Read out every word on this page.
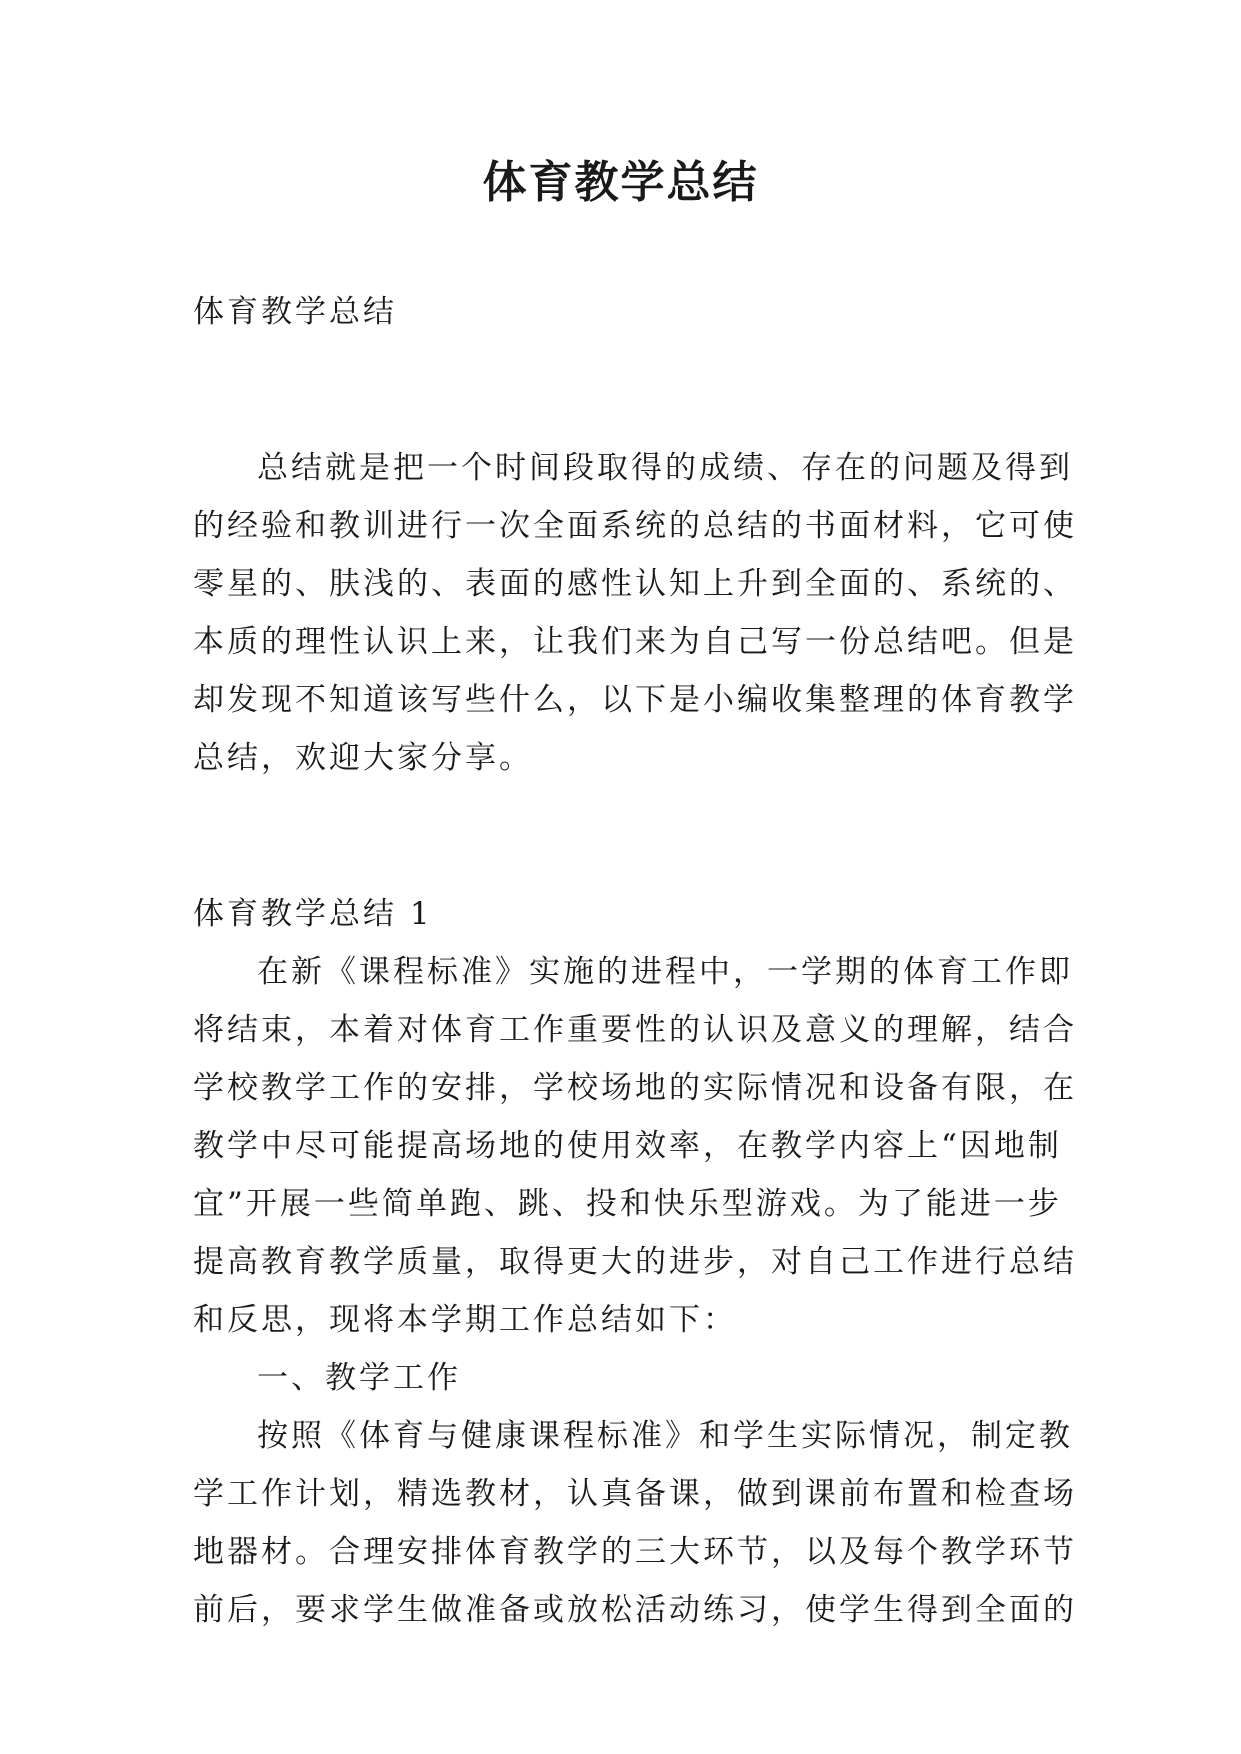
体育教学总结

体育教学总结

总结就是把一个时间段取得的成绩、存在的问题及得到

的经验和教训进行一次全面系统的总结的书面材料，它可使

零星的、肤浅的、表面的感性认知上升到全面的、系统的、

本质的理性认识上来，让我们来为自己写一份总结吧。但是

却发现不知道该写些什么，以下是小编收集整理的体育教学

总结，欢迎大家分享。

体育教学总结 1

在新《课程标准》实施的进程中，一学期的体育工作即

将结束，本着对体育工作重要性的认识及意义的理解，结合

学校教学工作的安排，学校场地的实际情况和设备有限，在

教学中尽可能提高场地的使用效率，在教学内容上“因地制

宜”开展一些简单跑、跳、投和快乐型游戏。为了能进一步

提高教育教学质量，取得更大的进步，对自己工作进行总结

和反思，现将本学期工作总结如下：

一、教学工作

按照《体育与健康课程标准》和学生实际情况，制定教

学工作计划，精选教材，认真备课，做到课前布置和检查场

地器材。合理安排体育教学的三大环节，以及每个教学环节

前后，要求学生做准备或放松活动练习，使学生得到全面的
